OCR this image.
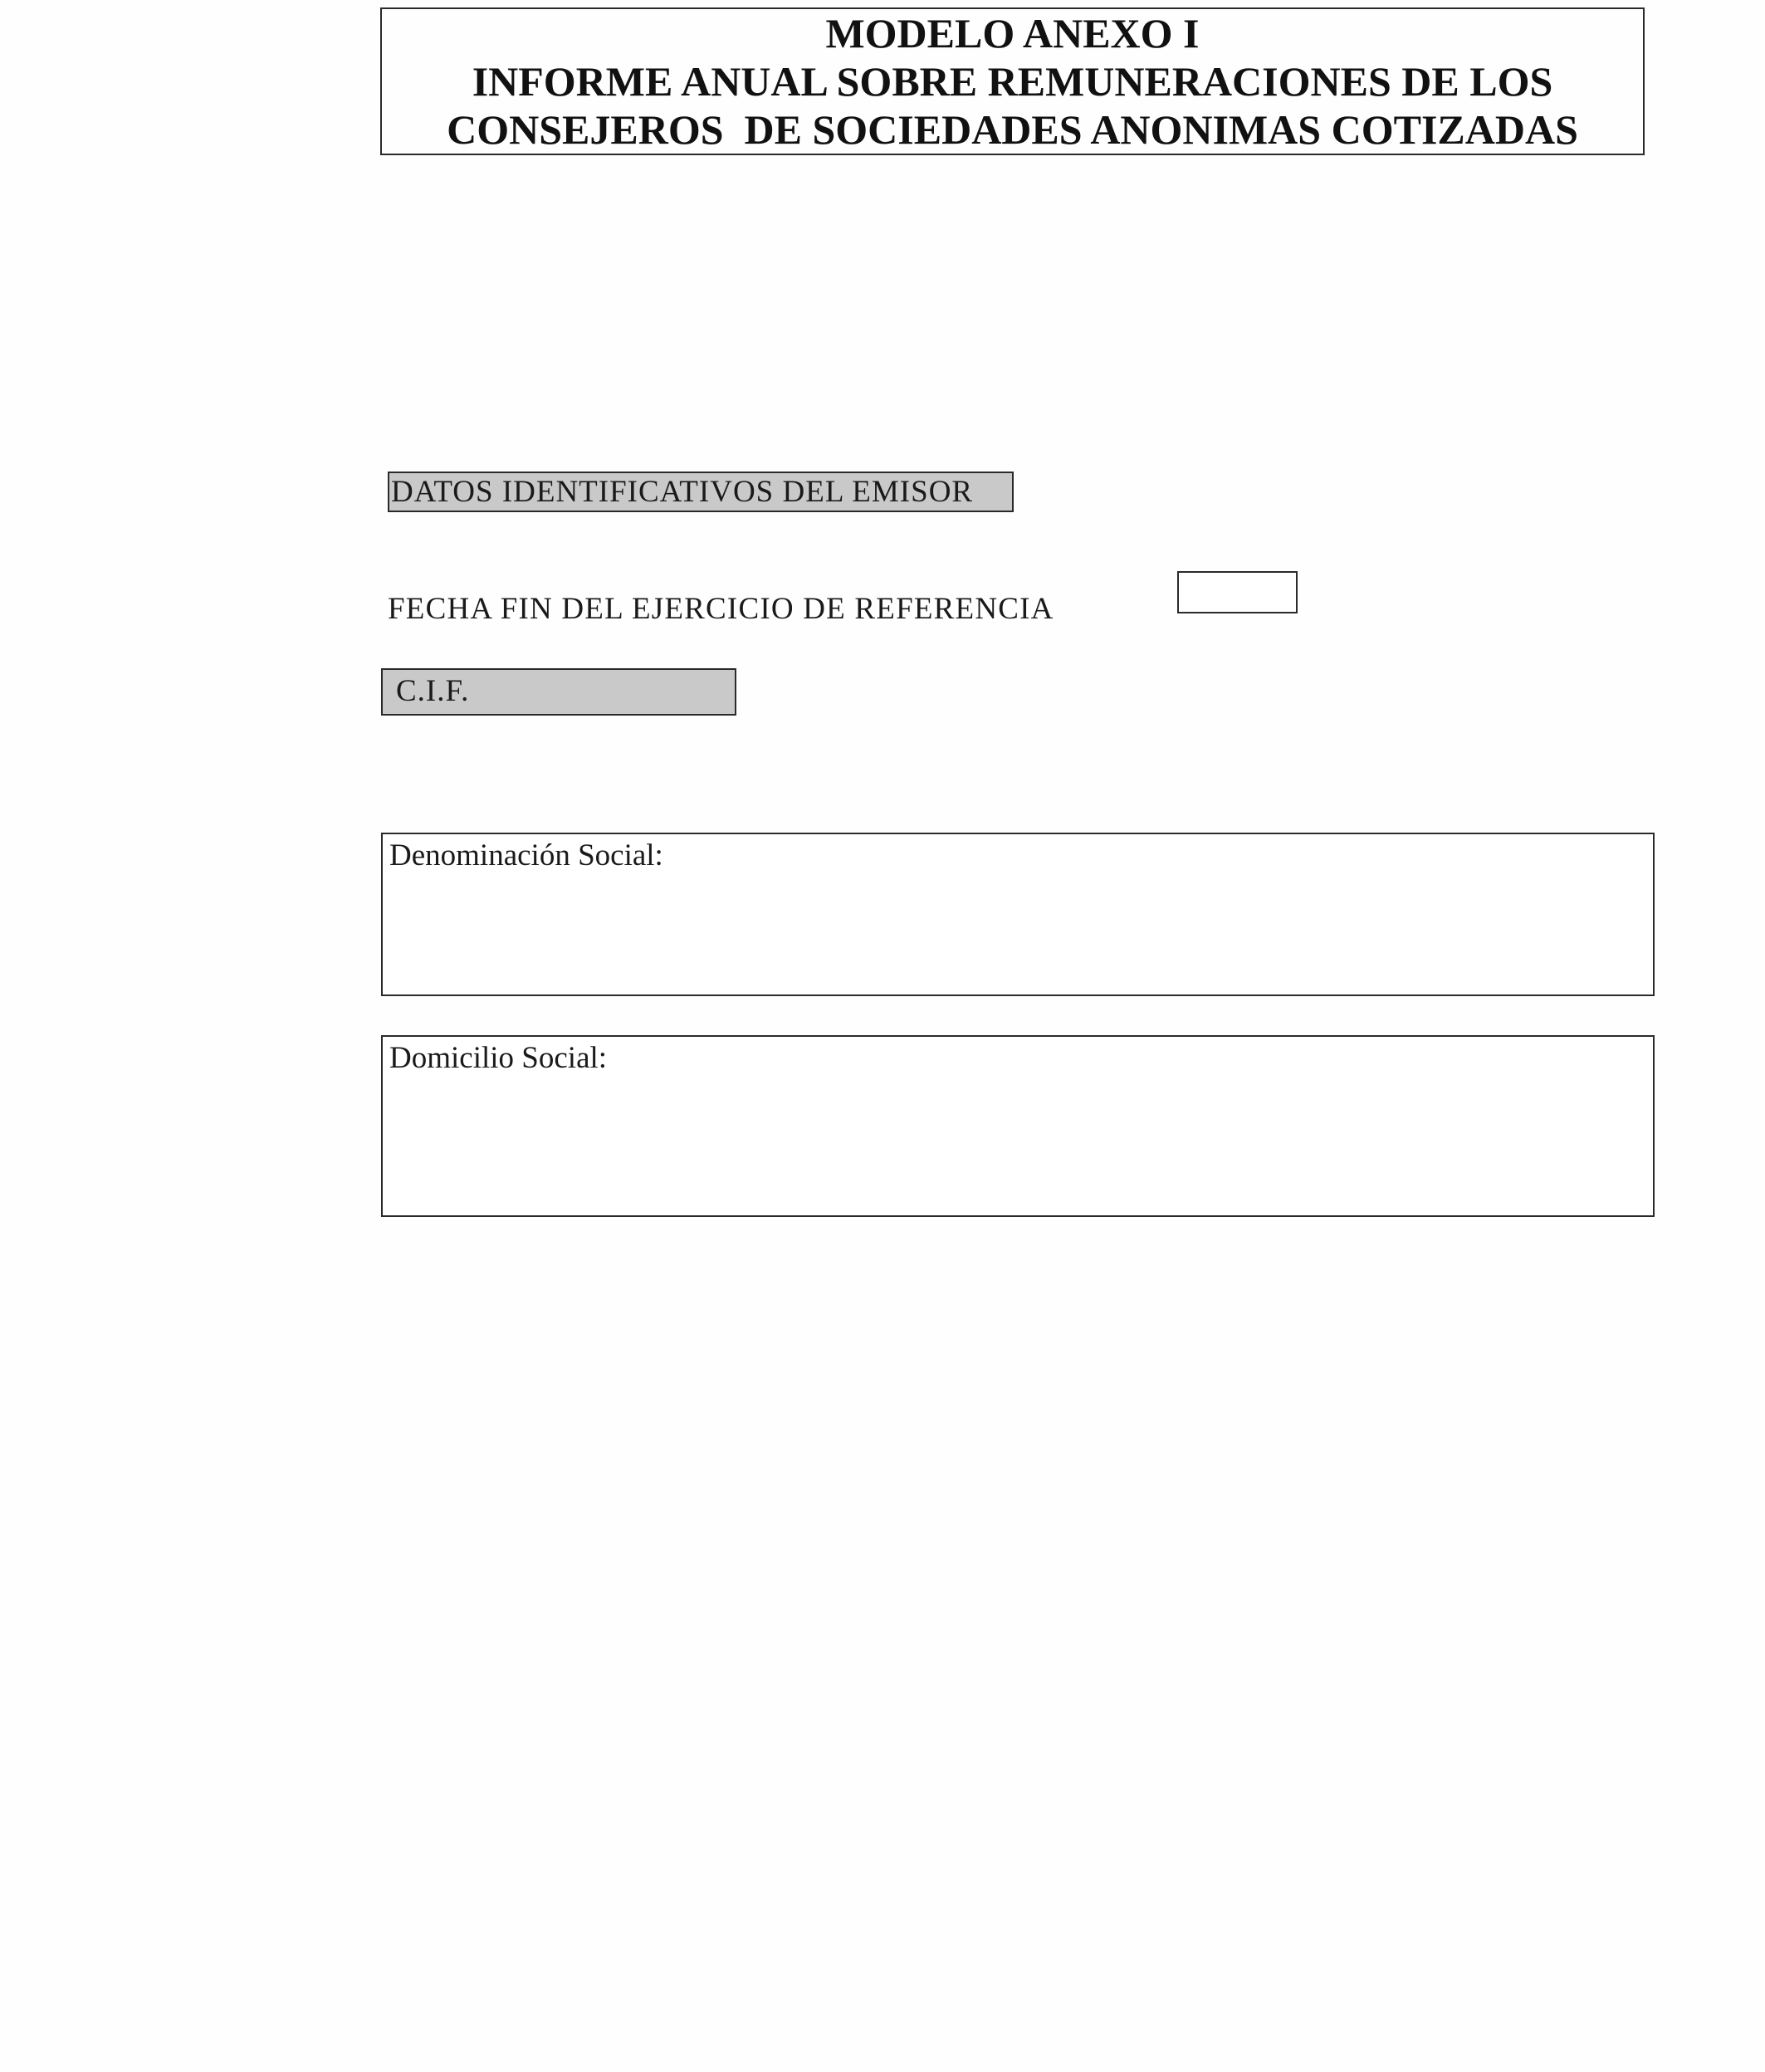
MODELO ANEXO I
INFORME ANUAL SOBRE REMUNERACIONES DE LOS
CONSEJEROS  DE SOCIEDADES ANONIMAS COTIZADAS
DATOS IDENTIFICATIVOS DEL EMISOR
FECHA FIN DEL EJERCICIO DE REFERENCIA
C.I.F.
Denominación Social:
Domicilio Social:
